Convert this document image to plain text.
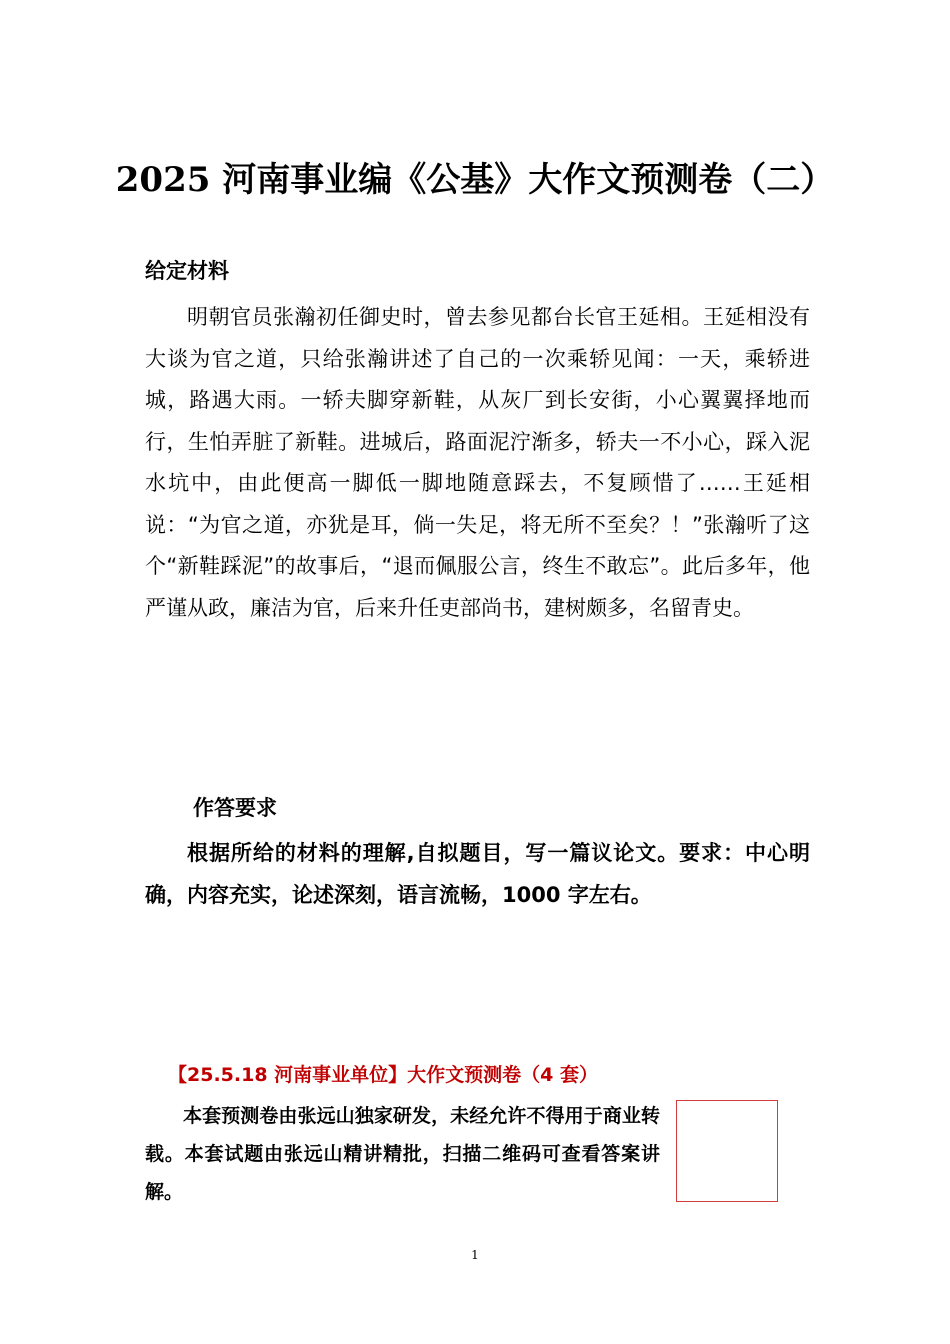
2025 河南事业编《公基》大作文预测卷（二）
给定材料

明朝官员张瀚初任御史时，曾去参见都台长官王延相。王延相没有大谈为官之道，只给张瀚讲述了自己的一次乘轿见闻：一天，乘轿进城，路遇大雨。一轿夫脚穿新鞋，从灰厂到长安街，小心翼翼择地而行，生怕弄脏了新鞋。进城后，路面泥泞渐多，轿夫一不小心，踩入泥水坑中，由此便高一脚低一脚地随意踩去，不复顾惜了……王延相说：“为官之道，亦犹是耳，倘一失足，将无所不至矣？！”张瀚听了这个“新鞋踩泥”的故事后，“退而佩服公言，终生不敢忘”。此后多年，他严谨从政，廉洁为官，后来升任吏部尚书，建树颇多，名留青史。

作答要求

根据所给的材料的理解,自拟题目，写一篇议论文。要求：中心明确，内容充实，论述深刻，语言流畅，1000 字左右。

【25.5.18 河南事业单位】大作文预测卷（4 套）

本套预测卷由张远山独家研发，未经允许不得用于商业转载。本套试题由张远山精讲精批，扫描二维码可查看答案讲解。

1
